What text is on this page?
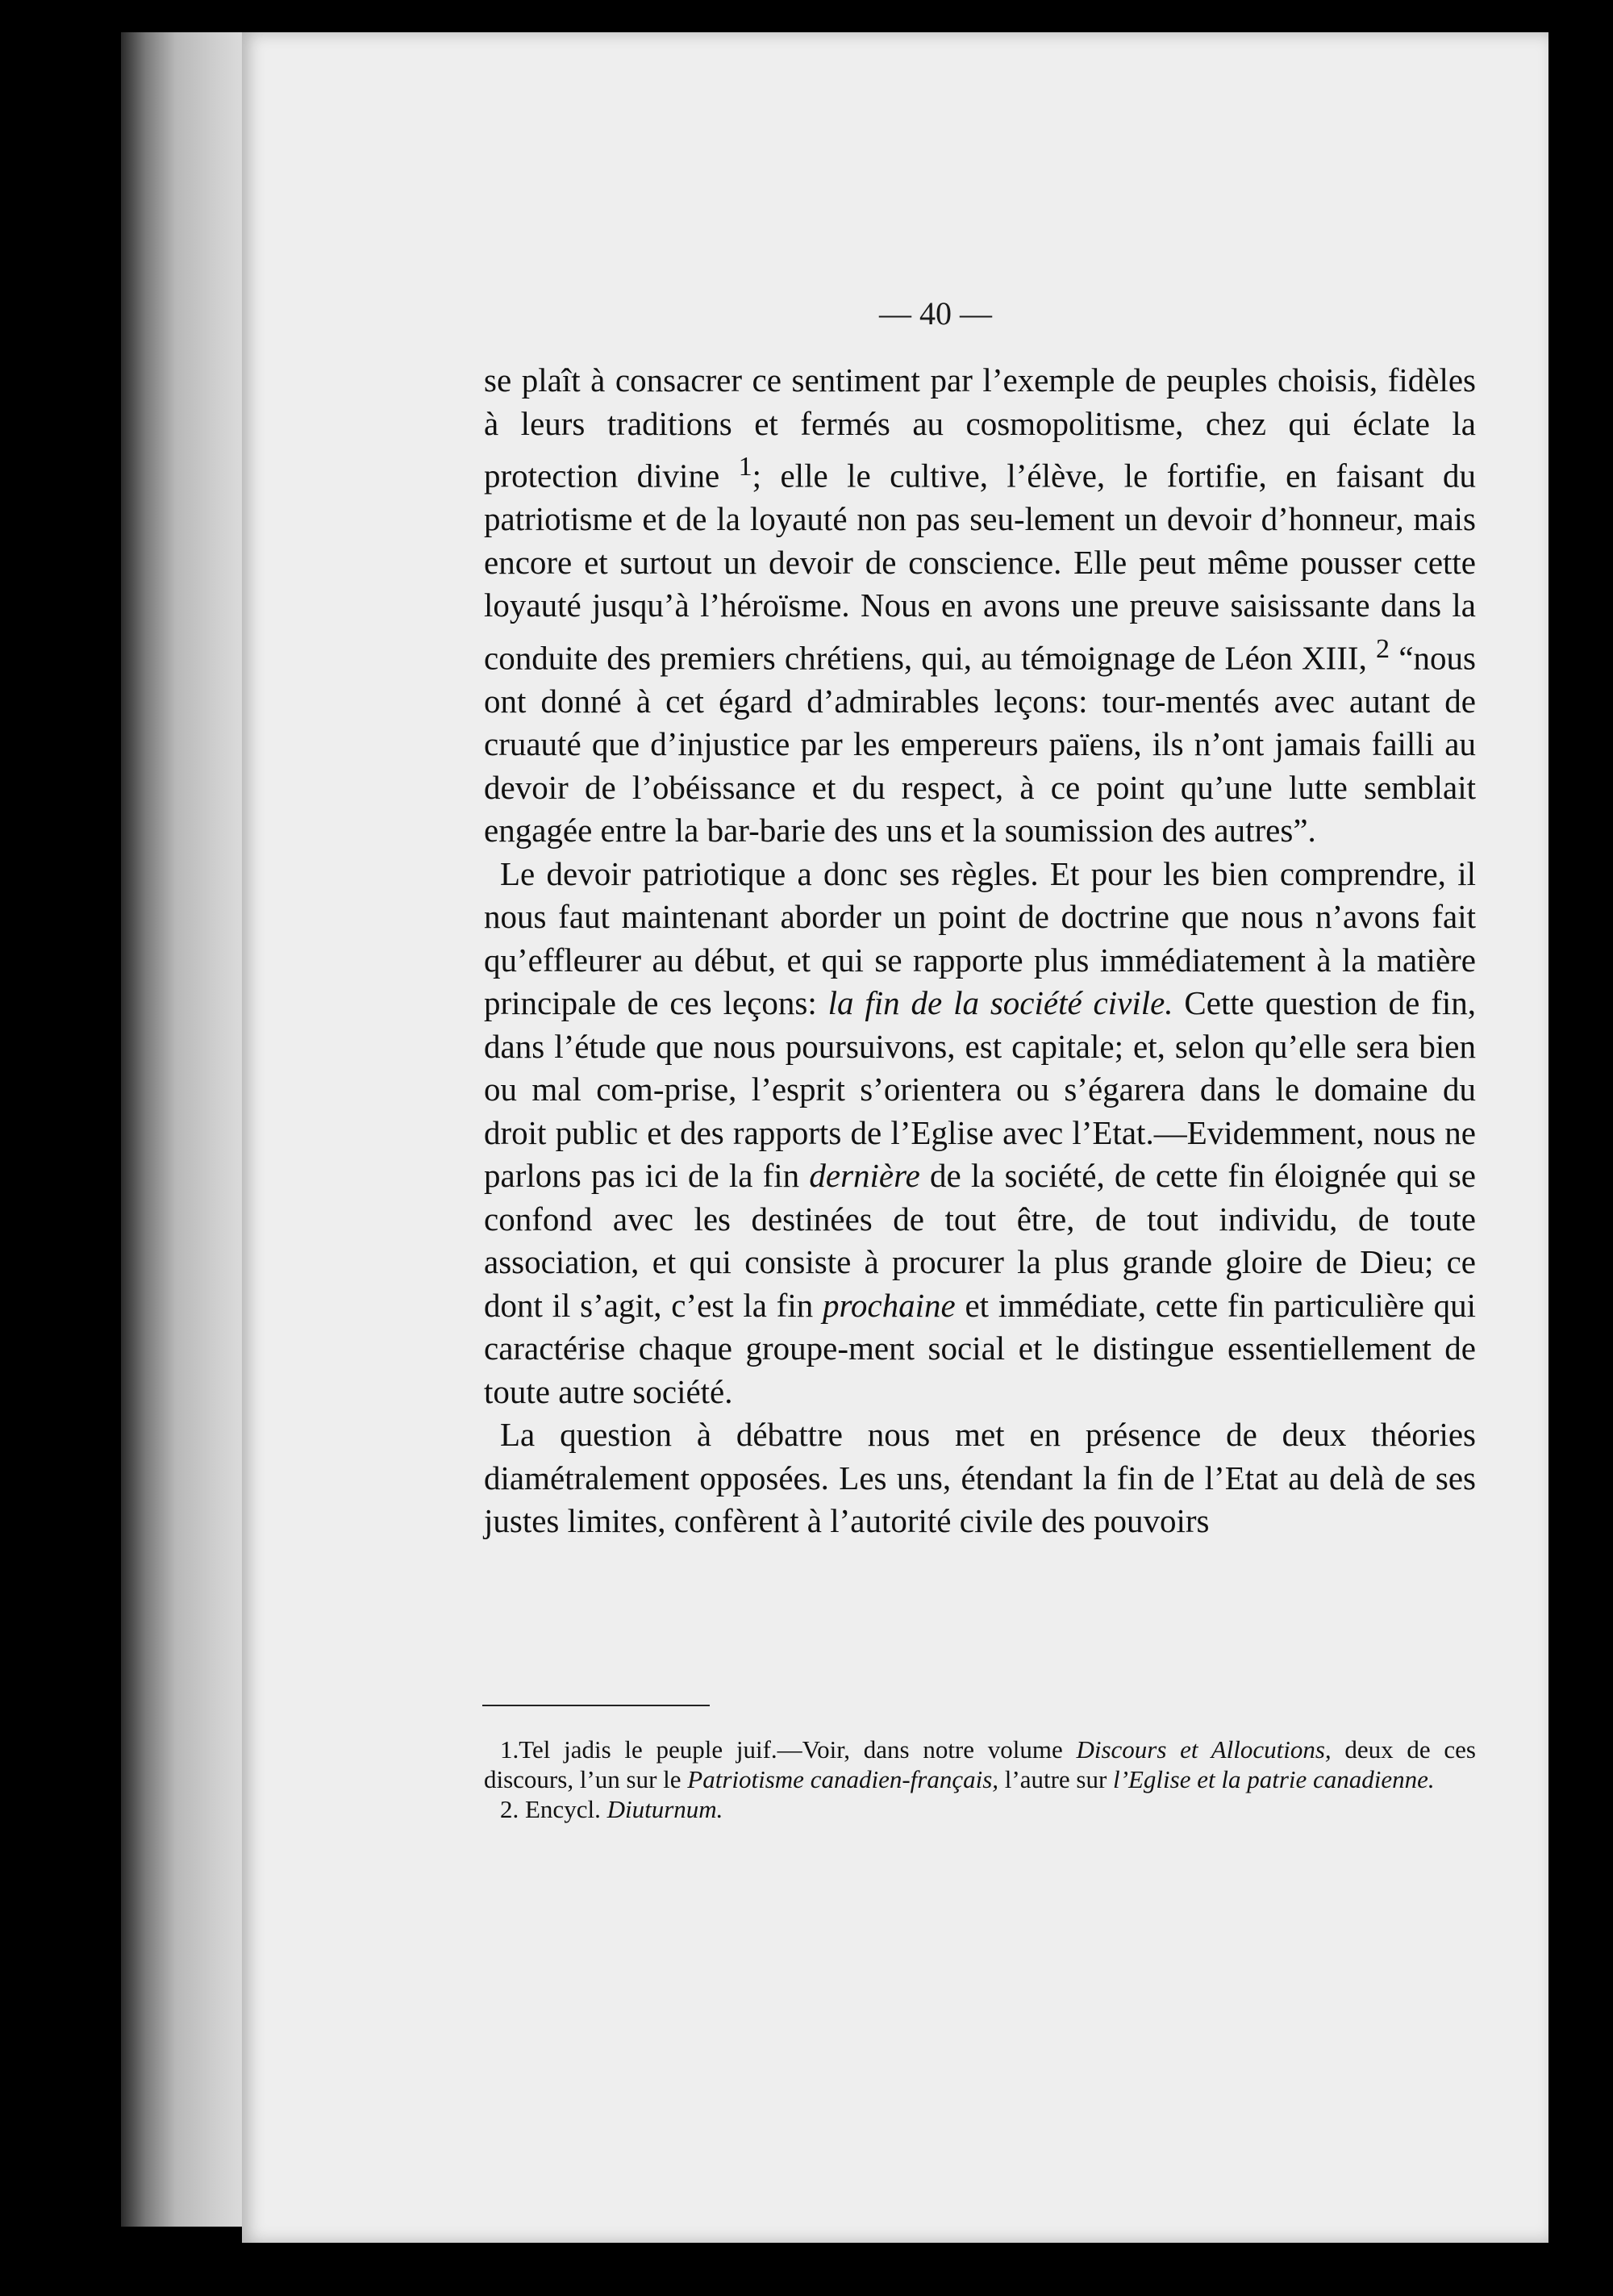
— 40 —

se plaît à consacrer ce sentiment par l’exemple de peuples choisis, fidèles à leurs traditions et fermés au cosmopolitisme, chez qui éclate la protection divine $^1$; elle le cultive, l’élève, le fortifie, en faisant du patriotisme et de la loyauté non pas seu-lement un devoir d’honneur, mais encore et surtout un devoir de conscience. Elle peut même pousser cette loyauté jusqu’à l’héroïsme. Nous en avons une preuve saisissante dans la conduite des premiers chrétiens, qui, au témoignage de Léon XIII, $^2$ “nous ont donné à cet égard d’admirables leçons: tour-mentés avec autant de cruauté que d’injustice par les empereurs païens, ils n’ont jamais failli au devoir de l’obéissance et du respect, à ce point qu’une lutte semblait engagée entre la bar-barie des uns et la soumission des autres”.

Le devoir patriotique a donc ses règles. Et pour les bien comprendre, il nous faut maintenant aborder un point de doctrine que nous n’avons fait qu’effleurer au début, et qui se rapporte plus immédiatement à la matière principale de ces leçons: la fin de la société civile. Cette question de fin, dans l’étude que nous poursuivons, est capitale; et, selon qu’elle sera bien ou mal com-prise, l’esprit s’orientera ou s’égarera dans le domaine du droit public et des rapports de l’Eglise avec l’Etat.—Evidemment, nous ne parlons pas ici de la fin dernière de la société, de cette fin éloignée qui se confond avec les destinées de tout être, de tout individu, de toute association, et qui consiste à procurer la plus grande gloire de Dieu; ce dont il s’agit, c’est la fin prochaine et immédiate, cette fin particulière qui caractérise chaque groupe-ment social et le distingue essentiellement de toute autre société.

La question à débattre nous met en présence de deux théories diamétralement opposées. Les uns, étendant la fin de l’Etat au delà de ses justes limites, confèrent à l’autorité civile des pouvoirs

1.Tel jadis le peuple juif.—Voir, dans notre volume Discours et Allocutions, deux de ces discours, l’un sur le Patriotisme canadien-français, l’autre sur l’Eglise et la patrie canadienne.

2. Encycl. Diuturnum.
